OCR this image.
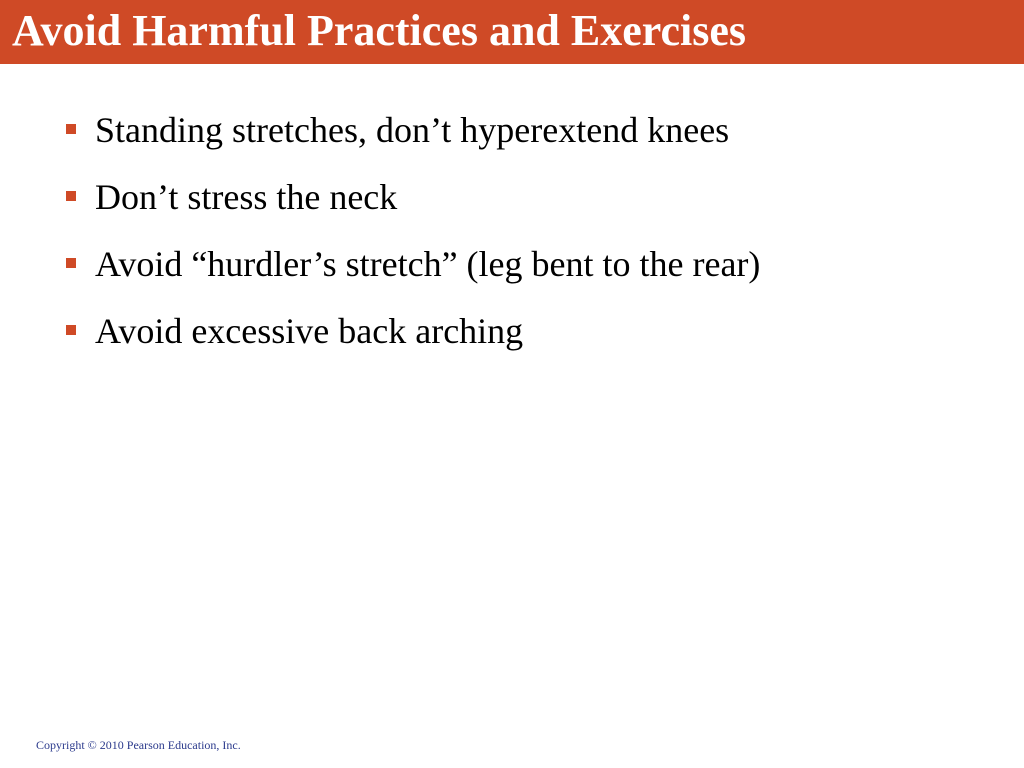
Avoid Harmful Practices and Exercises
Standing stretches, don’t hyperextend knees
Don’t stress the neck
Avoid “hurdler’s stretch” (leg bent to the rear)
Avoid excessive back arching
Copyright © 2010 Pearson Education, Inc.
